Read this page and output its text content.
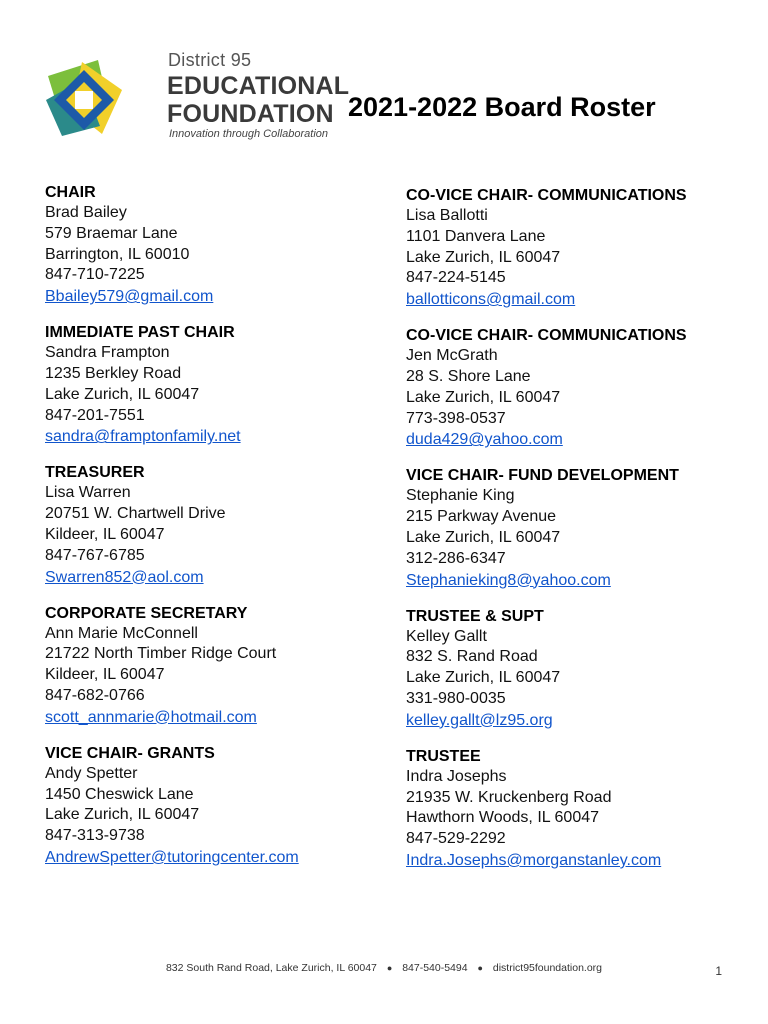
District 95
EDUCATIONAL
FOUNDATION
Innovation through Collaboration
2021-2022 Board Roster
CHAIR
Brad Bailey
579 Braemar Lane
Barrington, IL 60010
847-710-7225
Bbailey579@gmail.com
IMMEDIATE PAST CHAIR
Sandra Frampton
1235 Berkley Road
Lake Zurich, IL 60047
847-201-7551
sandra@framptonfamily.net
TREASURER
Lisa Warren
20751 W. Chartwell Drive
Kildeer, IL 60047
847-767-6785
Swarren852@aol.com
CORPORATE SECRETARY
Ann Marie McConnell
21722 North Timber Ridge Court
Kildeer, IL 60047
847-682-0766
scott_annmarie@hotmail.com
VICE CHAIR- GRANTS
Andy Spetter
1450 Cheswick Lane
Lake Zurich, IL 60047
847-313-9738
AndrewSpetter@tutoringcenter.com
CO-VICE CHAIR- COMMUNICATIONS
Lisa Ballotti
1101 Danvera Lane
Lake Zurich, IL 60047
847-224-5145
ballotticons@gmail.com
CO-VICE CHAIR- COMMUNICATIONS
Jen McGrath
28 S. Shore Lane
Lake Zurich, IL 60047
773-398-0537
duda429@yahoo.com
VICE CHAIR- FUND DEVELOPMENT
Stephanie King
215 Parkway Avenue
Lake Zurich, IL 60047
312-286-6347
Stephanieking8@yahoo.com
TRUSTEE & SUPT
Kelley Gallt
832 S. Rand Road
Lake Zurich, IL 60047
331-980-0035
kelley.gallt@lz95.org
TRUSTEE
Indra Josephs
21935 W. Kruckenberg Road
Hawthorn Woods, IL 60047
847-529-2292
Indra.Josephs@morganstanley.com
832 South Rand Road, Lake Zurich, IL 60047 ● 847-540-5494 ● district95foundation.org	1
